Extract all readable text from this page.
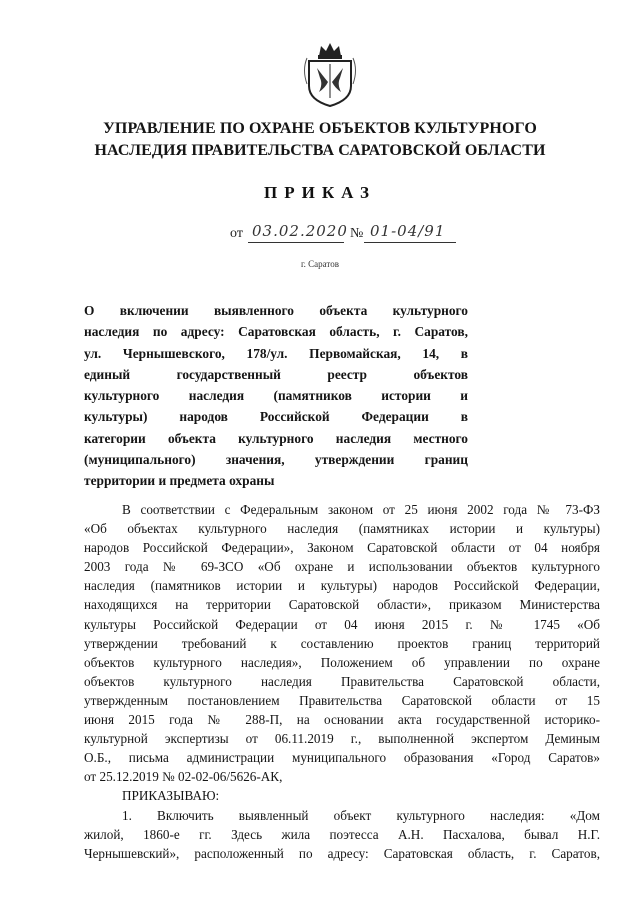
УПРАВЛЕНИЕ ПО ОХРАНЕ ОБЪЕКТОВ КУЛЬТУРНОГО
НАСЛЕДИЯ ПРАВИТЕЛЬСТВА САРАТОВСКОЙ ОБЛАСТИ
ПРИКАЗ
от 03.02.2020 № 01-04/91
г. Саратов
О включении выявленного объекта культурного
наследия по адресу: Саратовская область, г. Саратов,
ул. Чернышевского, 178/ул. Первомайская, 14, в
единый государственный реестр объектов
культурного наследия (памятников истории и
культуры) народов Российской Федерации в
категории объекта культурного наследия местного
(муниципального) значения, утверждении границ
территории и предмета охраны
В соответствии с Федеральным законом от 25 июня 2002 года № 73-ФЗ
«Об объектах культурного наследия (памятниках истории и культуры)
народов Российской Федерации», Законом Саратовской области от 04 ноября
2003 года № 69-ЗСО «Об охране и использовании объектов культурного
наследия (памятников истории и культуры) народов Российской Федерации,
находящихся на территории Саратовской области», приказом Министерства
культуры Российской Федерации от 04 июня 2015 г. № 1745 «Об
утверждении требований к составлению проектов границ территорий
объектов культурного наследия», Положением об управлении по охране
объектов культурного наследия Правительства Саратовской области,
утвержденным постановлением Правительства Саратовской области от 15
июня 2015 года № 288-П, на основании акта государственной историко-
культурной экспертизы от 06.11.2019 г., выполненной экспертом Деминым
О.Б., письма администрации муниципального образования «Город Саратов»
от 25.12.2019 № 02-02-06/5626-АК,
ПРИКАЗЫВАЮ:
1. Включить выявленный объект культурного наследия: «Дом
жилой, 1860-е гг. Здесь жила поэтесса А.Н. Пасхалова, бывал Н.Г.
Чернышевский», расположенный по адресу: Саратовская область, г. Саратов,
